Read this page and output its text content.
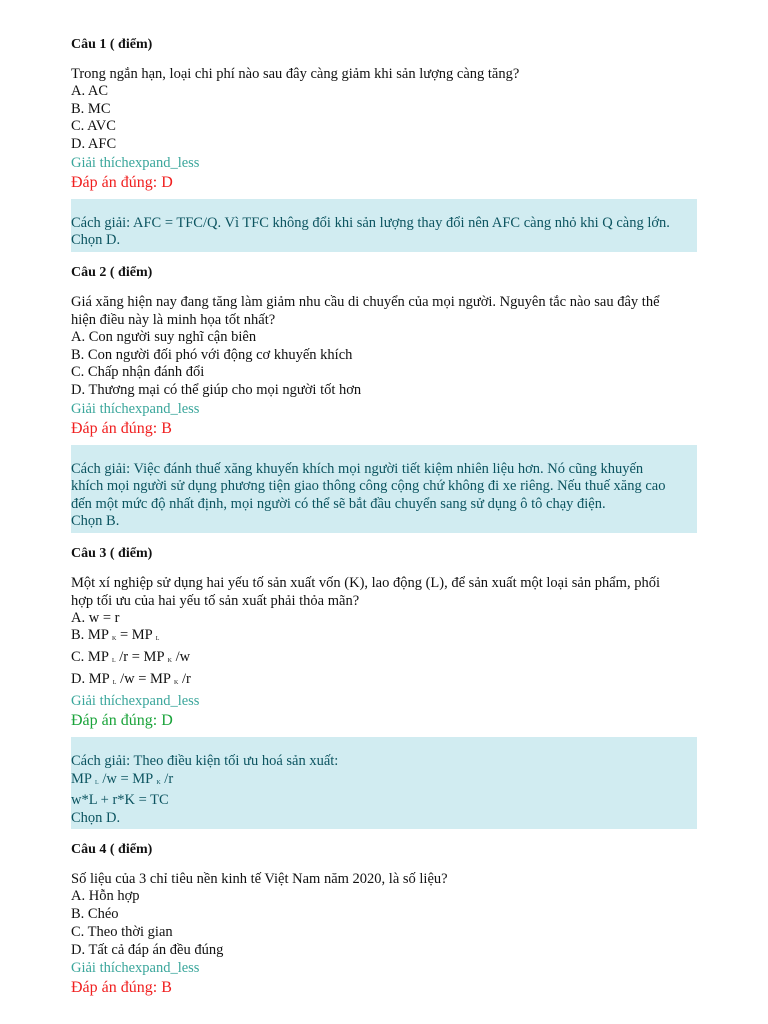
Câu 1 ( điểm)
Trong ngắn hạn, loại chi phí nào sau đây càng giảm khi sản lượng càng tăng?
A. AC
B. MC
C. AVC
D. AFC
Giải thíchexpand_less
Đáp án đúng: D
Cách giải: AFC = TFC/Q. Vì TFC không đổi khi sản lượng thay đổi nên AFC càng nhỏ khi Q càng lớn.
Chọn D.
Câu 2 ( điểm)
Giá xăng hiện nay đang tăng làm giảm nhu cầu di chuyển của mọi người. Nguyên tắc nào sau đây thể
hiện điều này là minh họa tốt nhất?
A. Con người suy nghĩ cận biên
B. Con người đối phó với động cơ khuyến khích
C. Chấp nhận đánh đổi
D. Thương mại có thể giúp cho mọi người tốt hơn
Giải thíchexpand_less
Đáp án đúng: B
Cách giải: Việc đánh thuế xăng khuyến khích mọi người tiết kiệm nhiên liệu hơn. Nó cũng khuyến
khích mọi người sử dụng phương tiện giao thông công cộng chứ không đi xe riêng. Nếu thuế xăng cao
đến một mức độ nhất định, mọi người có thể sẽ bắt đầu chuyển sang sử dụng ô tô chạy điện.
Chọn B.
Câu 3 ( điểm)
Một xí nghiệp sử dụng hai yếu tố sản xuất vốn (K), lao động (L), để sản xuất một loại sản phẩm, phối
hợp tối ưu của hai yếu tố sản xuất phải thỏa mãn?
A. w = r
B. MP $_K$ = MP $_L$
C. MP $_L$ /r = MP $_K$ /w
D. MP $_L$ /w = MP $_K$ /r
Giải thíchexpand_less
Đáp án đúng: D
Cách giải: Theo điều kiện tối ưu hoá sản xuất:
MP $_L$ /w = MP $_K$ /r
w*L + r*K = TC
Chọn D.
Câu 4 ( điểm)
Số liệu của 3 chỉ tiêu nền kinh tế Việt Nam năm 2020, là số liệu?
A. Hỗn hợp
B. Chéo
C. Theo thời gian
D. Tất cả đáp án đều đúng
Giải thíchexpand_less
Đáp án đúng: B
